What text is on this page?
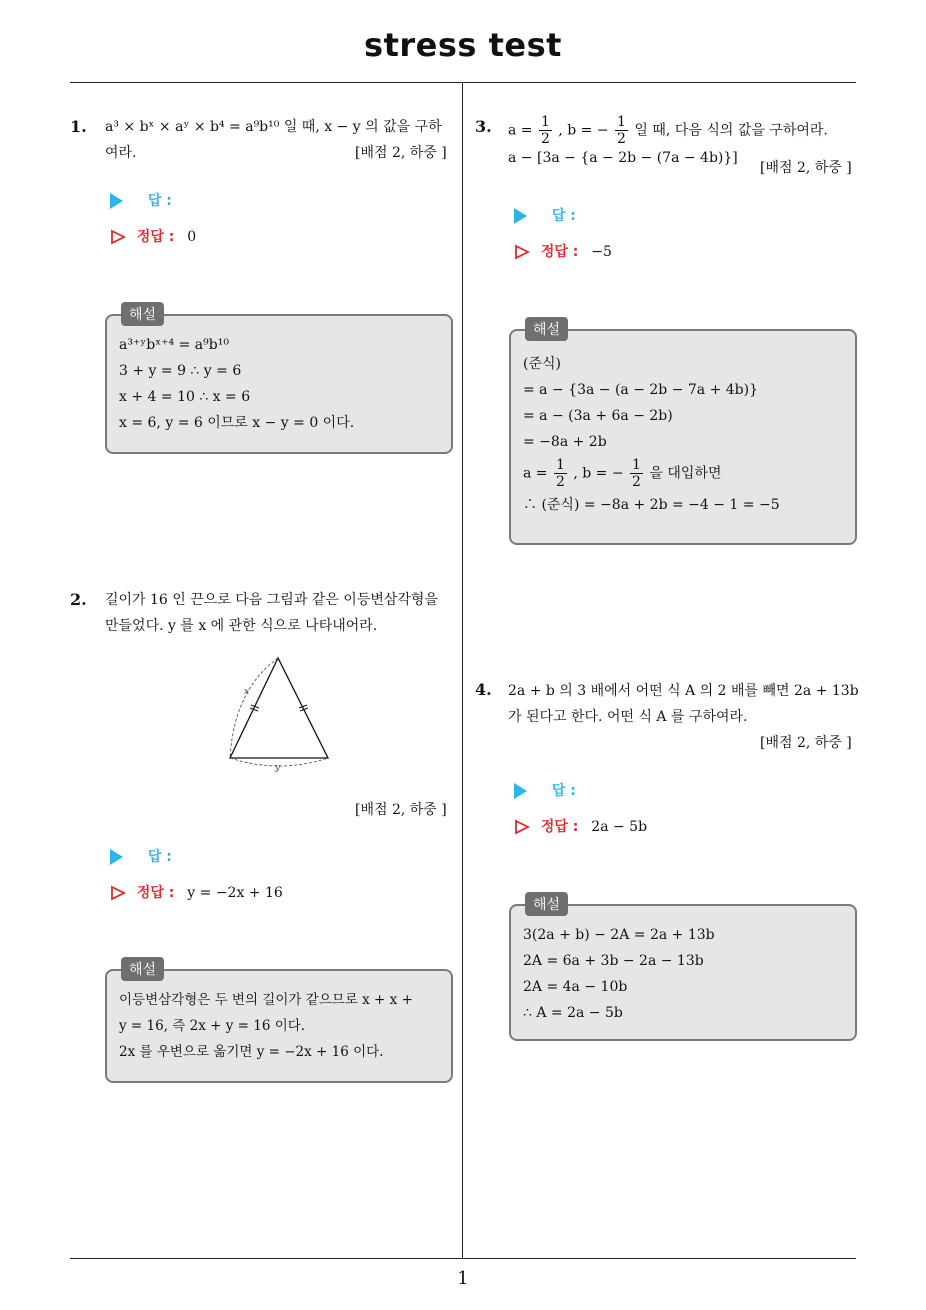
stress test
1
1. a³ × bˣ × aʸ × b⁴ = a⁹b¹⁰ 일 때, x − y 의 값을 구하
여라.	[배점 2, 하중 ]
답 :
정답 : 0
해설
a³⁺ʸbˣ⁺⁴ = a⁹b¹⁰
3 + y = 9 ∴ y = 6
x + 4 = 10 ∴ x = 6
x = 6, y = 6 이므로 x − y = 0 이다.
2. 길이가 16 인 끈으로 다음 그림과 같은 이등변삼각형을
만들었다. y 를 x 에 관한 식으로 나타내어라.
x
y
[배점 2, 하중 ]
답 :
정답 : y = −2x + 16
해설
이등변삼각형은 두 변의 길이가 같으므로 x + x +
y = 16, 즉 2x + y = 16 이다.
2x 를 우변으로 옮기면 y = −2x + 16 이다.
3. $a = \frac{1}{2}$ , b = − $\frac{1}{2}$ 일 때, 다음 식의 값을 구하여라.
a − [3a − {a − 2b − (7a − 4b)}]
[배점 2, 하중 ]
답 :
정답 : −5
해설
(준식)
= a − {3a − (a − 2b − 7a + 4b)}
= a − (3a + 6a − 2b)
= −8a + 2b
$a = \frac{1}{2}$ , b = − $\frac{1}{2}$ 을 대입하면
∴ (준식) = −8a + 2b = −4 − 1 = −5
4. 2a + b 의 3 배에서 어떤 식 A 의 2 배를 빼면 2a + 13b
가 된다고 한다. 어떤 식 A 를 구하여라.
[배점 2, 하중 ]
답 :
정답 : 2a − 5b
해설
3(2a + b) − 2A = 2a + 13b
2A = 6a + 3b − 2a − 13b
2A = 4a − 10b
∴ A = 2a − 5b
